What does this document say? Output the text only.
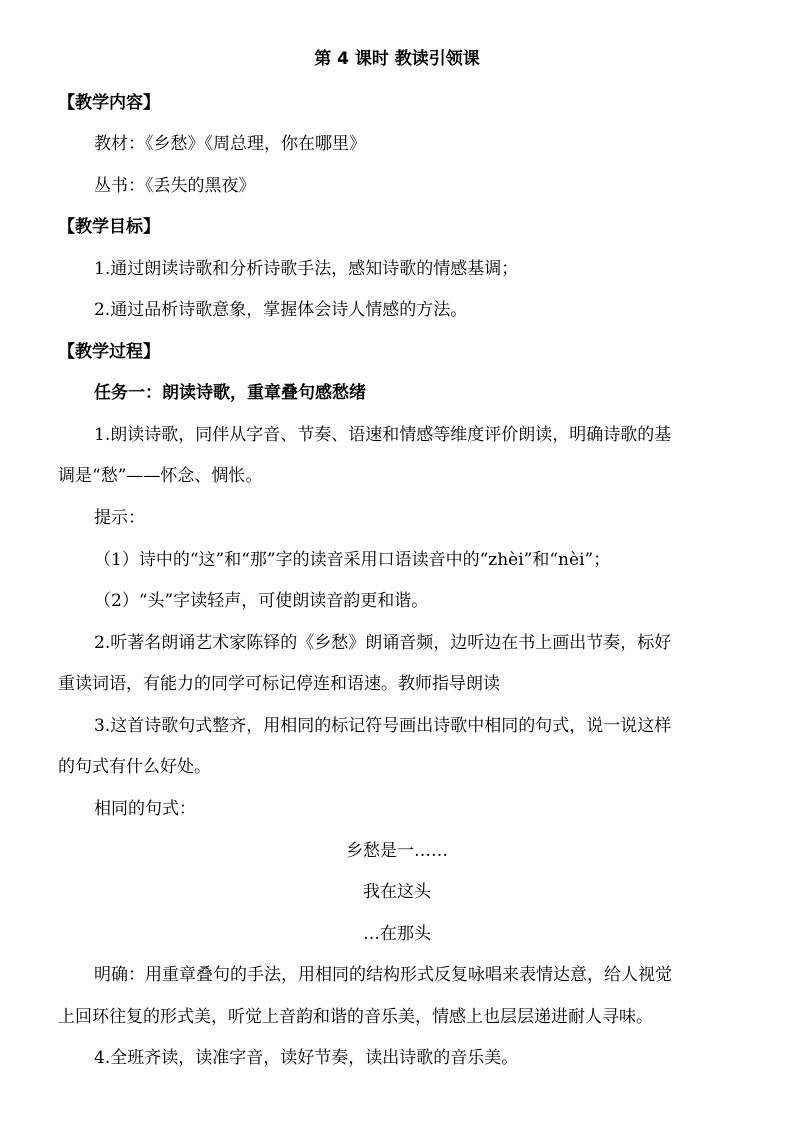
第 4 课时 教读引领课
【教学内容】
教材：《乡愁》《周总理，你在哪里》
丛书：《丢失的黑夜》
【教学目标】
1.通过朗读诗歌和分析诗歌手法，感知诗歌的情感基调；
2.通过品析诗歌意象，掌握体会诗人情感的方法。
【教学过程】
任务一：朗读诗歌，重章叠句感愁绪
1.朗读诗歌，同伴从字音、节奏、语速和情感等维度评价朗读，明确诗歌的基
调是“愁”——怀念、惆怅。
提示：
（1）诗中的“这”和“那”字的读音采用口语读音中的“zhèi”和“nèi”；
（2）“头”字读轻声，可使朗读音韵更和谐。
2.听著名朗诵艺术家陈铎的《乡愁》朗诵音频，边听边在书上画出节奏，标好
重读词语，有能力的同学可标记停连和语速。教师指导朗读
3.这首诗歌句式整齐，用相同的标记符号画出诗歌中相同的句式，说一说这样
的句式有什么好处。
相同的句式：
乡愁是一……
我在这头
…在那头
明确：用重章叠句的手法，用相同的结构形式反复咏唱来表情达意，给人视觉
上回环往复的形式美，听觉上音韵和谐的音乐美，情感上也层层递进耐人寻味。
4.全班齐读，读准字音，读好节奏，读出诗歌的音乐美。
